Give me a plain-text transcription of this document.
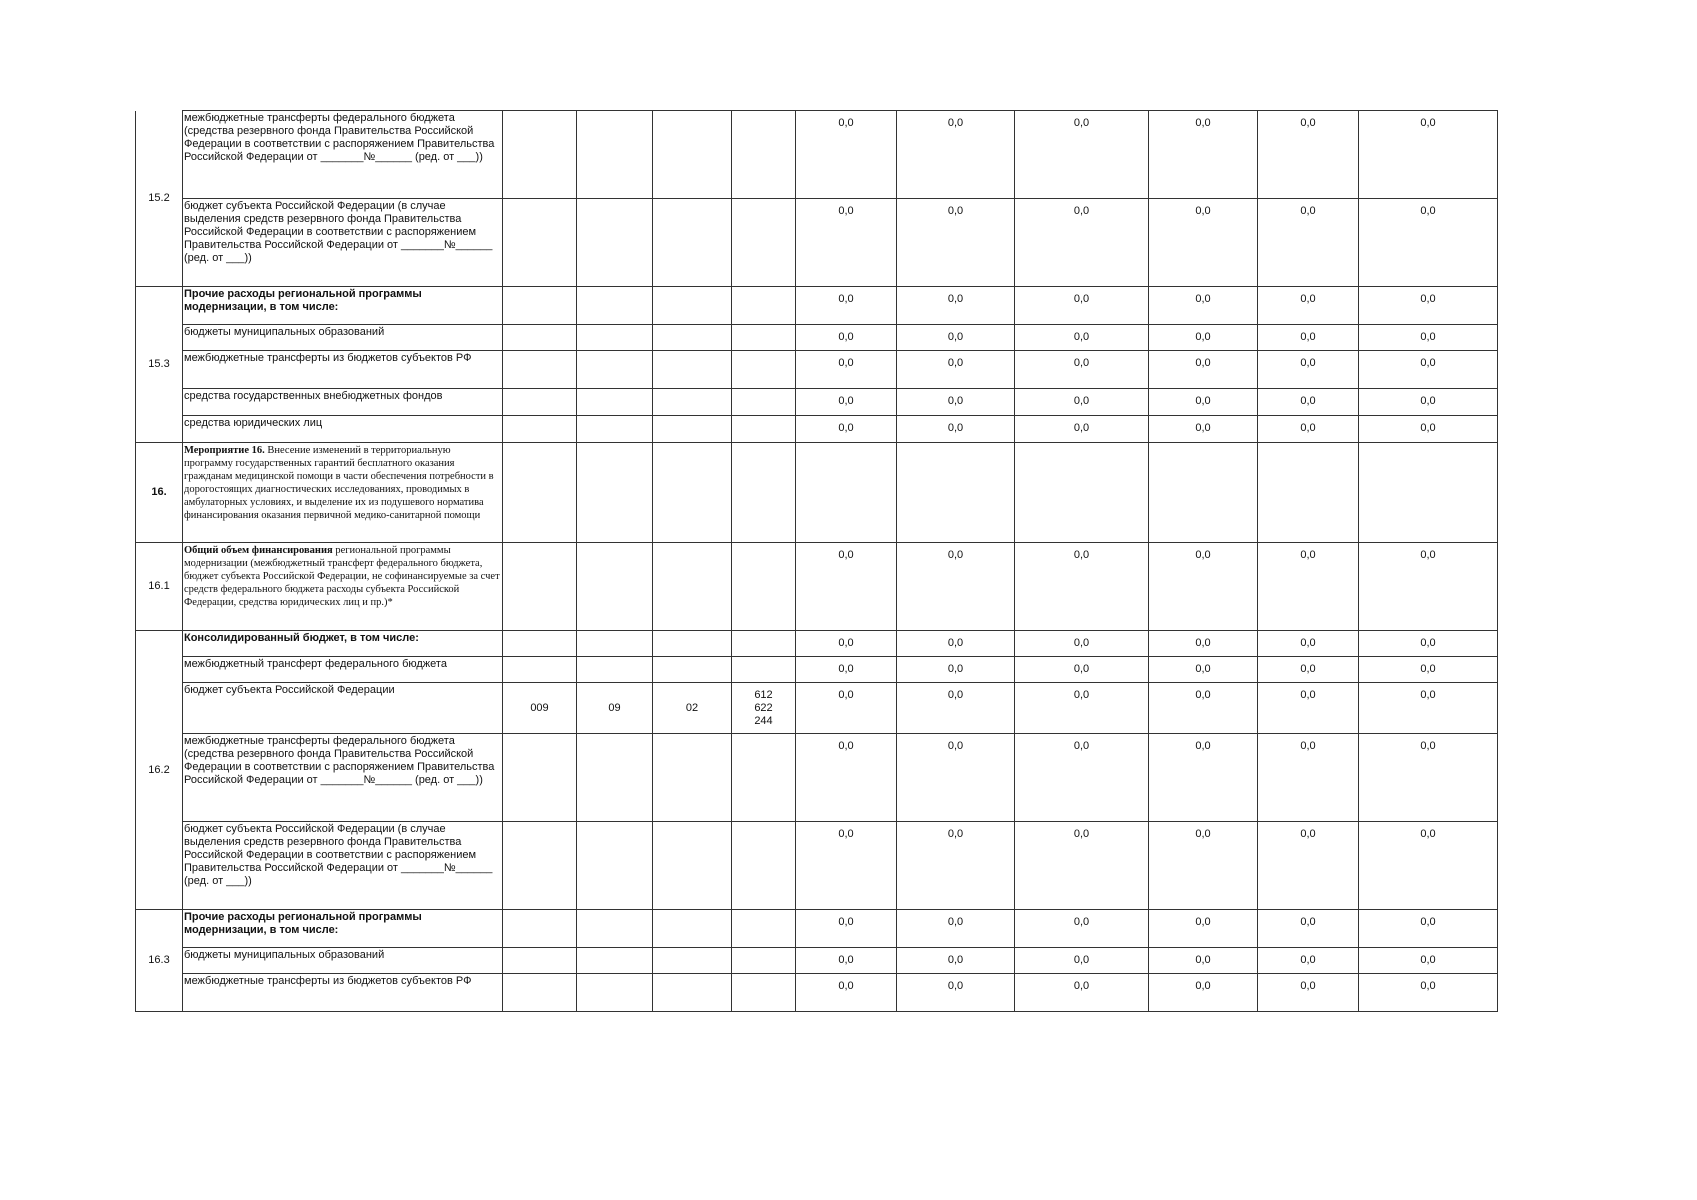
15.2	межбюджетные трансферты федерального бюджета (средства резервного фонда Правительства Российской Федерации в соответствии с распоряжением Правительства Российской Федерации от _______№______ (ред. от ___))					0,0	0,0	0,0	0,0	0,0	0,0
	бюджет субъекта Российской Федерации (в случае выделения средств резервного фонда Правительства Российской Федерации в соответствии с распоряжением Правительства Российской Федерации от _______№______ (ред. от ___))					0,0	0,0	0,0	0,0	0,0	0,0
15.3	Прочие расходы региональной программы модернизации, в том числе:					0,0	0,0	0,0	0,0	0,0	0,0
	бюджеты муниципальных образований					0,0	0,0	0,0	0,0	0,0	0,0
	межбюджетные трансферты из бюджетов субъектов РФ					0,0	0,0	0,0	0,0	0,0	0,0
	средства государственных внебюджетных фондов					0,0	0,0	0,0	0,0	0,0	0,0
	средства юридических лиц					0,0	0,0	0,0	0,0	0,0	0,0
16.	Мероприятие 16. Внесение изменений в территориальную программу государственных гарантий бесплатного оказания гражданам медицинской помощи в части обеспечения потребности в дорогостоящих диагностических исследованиях, проводимых в амбулаторных условиях, и выделение их из подушевого норматива финансирования оказания первичной медико-санитарной помощи										
16.1	Общий объем финансирования региональной программы модернизации (межбюджетный трансферт федерального бюджета, бюджет субъекта Российской Федерации, не софинансируемые за счет средств федерального бюджета расходы субъекта Российской Федерации, средства юридических лиц и пр.)*					0,0	0,0	0,0	0,0	0,0	0,0
16.2	Консолидированный бюджет, в том числе:					0,0	0,0	0,0	0,0	0,0	0,0
	межбюджетный трансферт федерального бюджета					0,0	0,0	0,0	0,0	0,0	0,0
	бюджет субъекта Российской Федерации	009	09	02	612
622
244	0,0	0,0	0,0	0,0	0,0	0,0
	межбюджетные трансферты федерального бюджета (средства резервного фонда Правительства Российской Федерации в соответствии с распоряжением Правительства Российской Федерации от _______№______ (ред. от ___))					0,0	0,0	0,0	0,0	0,0	0,0
	бюджет субъекта Российской Федерации (в случае выделения средств резервного фонда Правительства Российской Федерации в соответствии с распоряжением Правительства Российской Федерации от _______№______ (ред. от ___))					0,0	0,0	0,0	0,0	0,0	0,0
16.3	Прочие расходы региональной программы модернизации, в том числе:					0,0	0,0	0,0	0,0	0,0	0,0
	бюджеты муниципальных образований					0,0	0,0	0,0	0,0	0,0	0,0
	межбюджетные трансферты из бюджетов субъектов РФ					0,0	0,0	0,0	0,0	0,0	0,0
